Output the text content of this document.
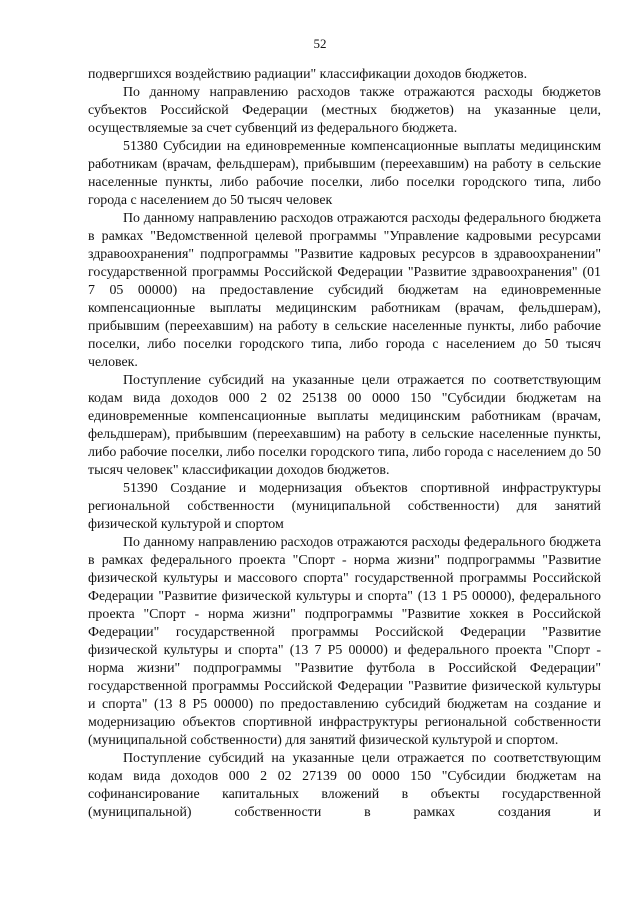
52

подвергшихся воздействию радиации" классификации доходов бюджетов.

По данному направлению расходов также отражаются расходы бюджетов субъектов Российской Федерации (местных бюджетов) на указанные цели, осуществляемые за счет субвенций из федерального бюджета.

51380 Субсидии на единовременные компенсационные выплаты медицинским работникам (врачам, фельдшерам), прибывшим (переехавшим) на работу в сельские населенные пункты, либо рабочие поселки, либо поселки городского типа, либо города с населением до 50 тысяч человек

По данному направлению расходов отражаются расходы федерального бюджета в рамках "Ведомственной целевой программы "Управление кадровыми ресурсами здравоохранения" подпрограммы "Развитие кадровых ресурсов в здравоохранении" государственной программы Российской Федерации "Развитие здравоохранения" (01 7 05 00000) на предоставление субсидий бюджетам на единовременные компенсационные выплаты медицинским работникам (врачам, фельдшерам), прибывшим (переехавшим) на работу в сельские населенные пункты, либо рабочие поселки, либо поселки городского типа, либо города с населением до 50 тысяч человек.

Поступление субсидий на указанные цели отражается по соответствующим кодам вида доходов 000 2 02 25138 00 0000 150 "Субсидии бюджетам на единовременные компенсационные выплаты медицинским работникам (врачам, фельдшерам), прибывшим (переехавшим) на работу в сельские населенные пункты, либо рабочие поселки, либо поселки городского типа, либо города с населением до 50 тысяч человек" классификации доходов бюджетов.

51390 Создание и модернизация объектов спортивной инфраструктуры региональной собственности (муниципальной собственности) для занятий физической культурой и спортом

По данному направлению расходов отражаются расходы федерального бюджета в рамках федерального проекта "Спорт - норма жизни" подпрограммы "Развитие физической культуры и массового спорта" государственной программы Российской Федерации "Развитие физической культуры и спорта" (13 1 P5 00000), федерального проекта "Спорт - норма жизни" подпрограммы "Развитие хоккея в Российской Федерации" государственной программы Российской Федерации "Развитие физической культуры и спорта" (13 7 P5 00000) и федерального проекта "Спорт - норма жизни" подпрограммы "Развитие футбола в Российской Федерации" государственной программы Российской Федерации "Развитие физической культуры и спорта" (13 8 P5 00000) по предоставлению субсидий бюджетам на создание и модернизацию объектов спортивной инфраструктуры региональной собственности (муниципальной собственности) для занятий физической культурой и спортом.

Поступление субсидий на указанные цели отражается по соответствующим кодам вида доходов 000 2 02 27139 00 0000 150 "Субсидии бюджетам на софинансирование капитальных вложений в объекты государственной (муниципальной) собственности в рамках создания и
